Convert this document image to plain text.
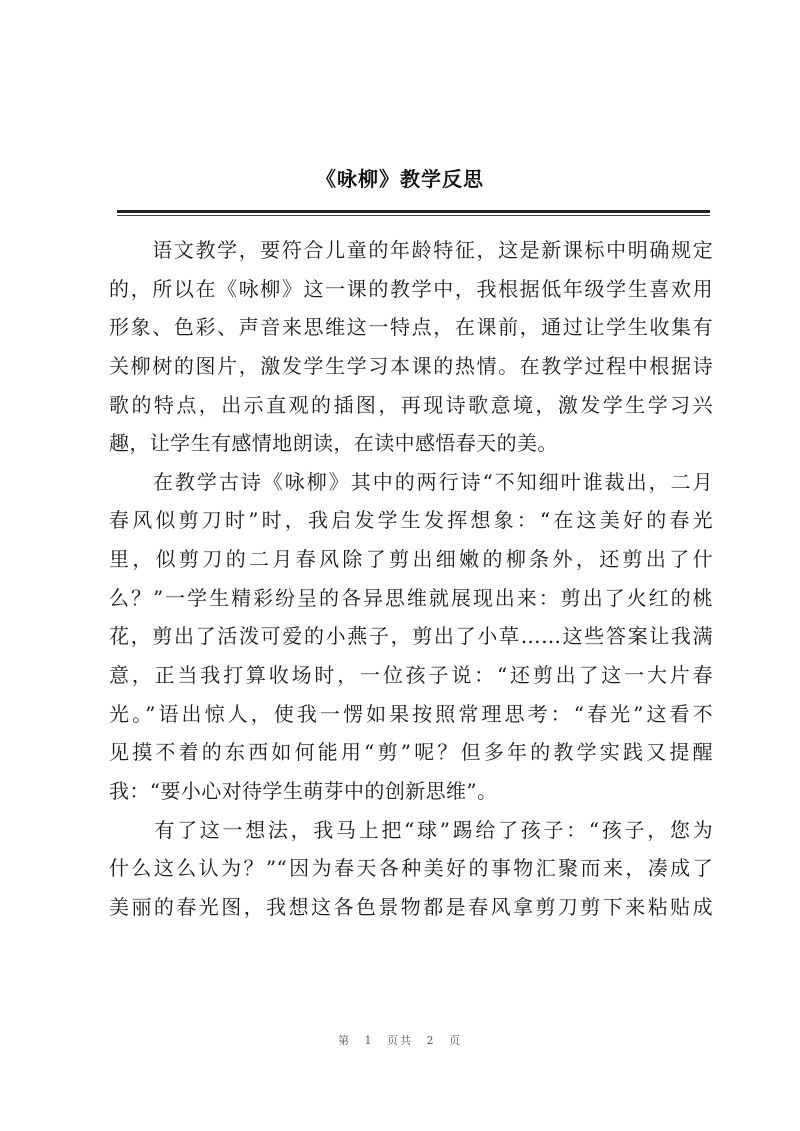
《咏柳》教学反思
　　语文教学，要符合儿童的年龄特征，这是新课标中明确规定
的，所以在《咏柳》这一课的教学中，我根据低年级学生喜欢用
形象、色彩、声音来思维这一特点，在课前，通过让学生收集有
关柳树的图片，激发学生学习本课的热情。在教学过程中根据诗
歌的特点，出示直观的插图，再现诗歌意境，激发学生学习兴
趣，让学生有感情地朗读，在读中感悟春天的美。
　　在教学古诗《咏柳》其中的两行诗“不知细叶谁裁出，二月
春风似剪刀时”时，我启发学生发挥想象：“在这美好的春光
里，似剪刀的二月春风除了剪出细嫩的柳条外，还剪出了什
么？”一学生精彩纷呈的各异思维就展现出来：剪出了火红的桃
花，剪出了活泼可爱的小燕子，剪出了小草……这些答案让我满
意，正当我打算收场时，一位孩子说：“还剪出了这一大片春
光。”语出惊人，使我一愣如果按照常理思考：“春光”这看不
见摸不着的东西如何能用“剪”呢？但多年的教学实践又提醒
我：“要小心对待学生萌芽中的创新思维”。
　　有了这一想法，我马上把“球”踢给了孩子：“孩子，您为
什么这么认为？”“因为春天各种美好的事物汇聚而来，凑成了
美丽的春光图，我想这各色景物都是春风拿剪刀剪下来粘贴成
第 1 页共 2 页
